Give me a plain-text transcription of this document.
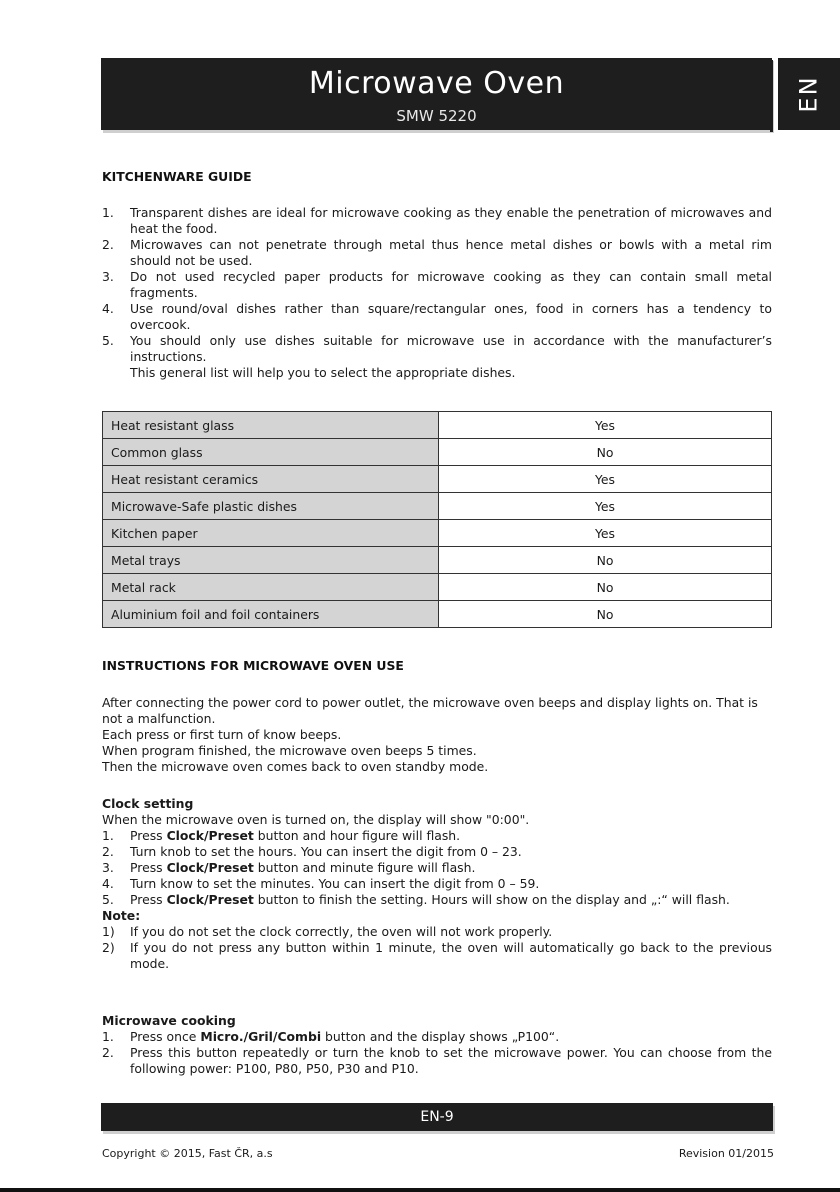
Microwave Oven
SMW 5220
EN
KITCHENWARE GUIDE
1. Transparent dishes are ideal for microwave cooking as they enable the penetration of microwaves and heat the food.
2. Microwaves can not penetrate through metal thus hence metal dishes or bowls with a metal rim should not be used.
3. Do not used recycled paper products for microwave cooking as they can contain small metal fragments.
4. Use round/oval dishes rather than square/rectangular ones, food in corners has a tendency to overcook.
5. You should only use dishes suitable for microwave use in accordance with the manufacturer’s instructions.
This general list will help you to select the appropriate dishes.
Heat resistant glass	Yes
Common glass	No
Heat resistant ceramics	Yes
Microwave-Safe plastic dishes	Yes
Kitchen paper	Yes
Metal trays	No
Metal rack	No
Aluminium foil and foil containers	No
INSTRUCTIONS FOR MICROWAVE OVEN USE

After connecting the power cord to power outlet, the microwave oven beeps and display lights on. That is not a malfunction.

Each press or first turn of know beeps.

When program finished, the microwave oven beeps 5 times.

Then the microwave oven comes back to oven standby mode.

Clock setting
When the microwave oven is turned on, the display will show "0:00".
1. Press Clock/Preset button and hour figure will flash.
2. Turn knob to set the hours. You can insert the digit from 0 – 23.
3. Press Clock/Preset button and minute figure will flash.
4. Turn know to set the minutes. You can insert the digit from 0 – 59.
5. Press Clock/Preset button to finish the setting. Hours will show on the display and „:“ will flash.
Note:
1) If you do not set the clock correctly, the oven will not work properly.
2) If you do not press any button within 1 minute, the oven will automatically go back to the previous mode.
Microwave cooking
1. Press once Micro./Gril/Combi button and the display shows „P100“.
2. Press this button repeatedly or turn the knob to set the microwave power. You can choose from the following power: P100, P80, P50, P30 and P10.
EN-9
Copyright © 2015, Fast ČR, a.s	Revision 01/2015
